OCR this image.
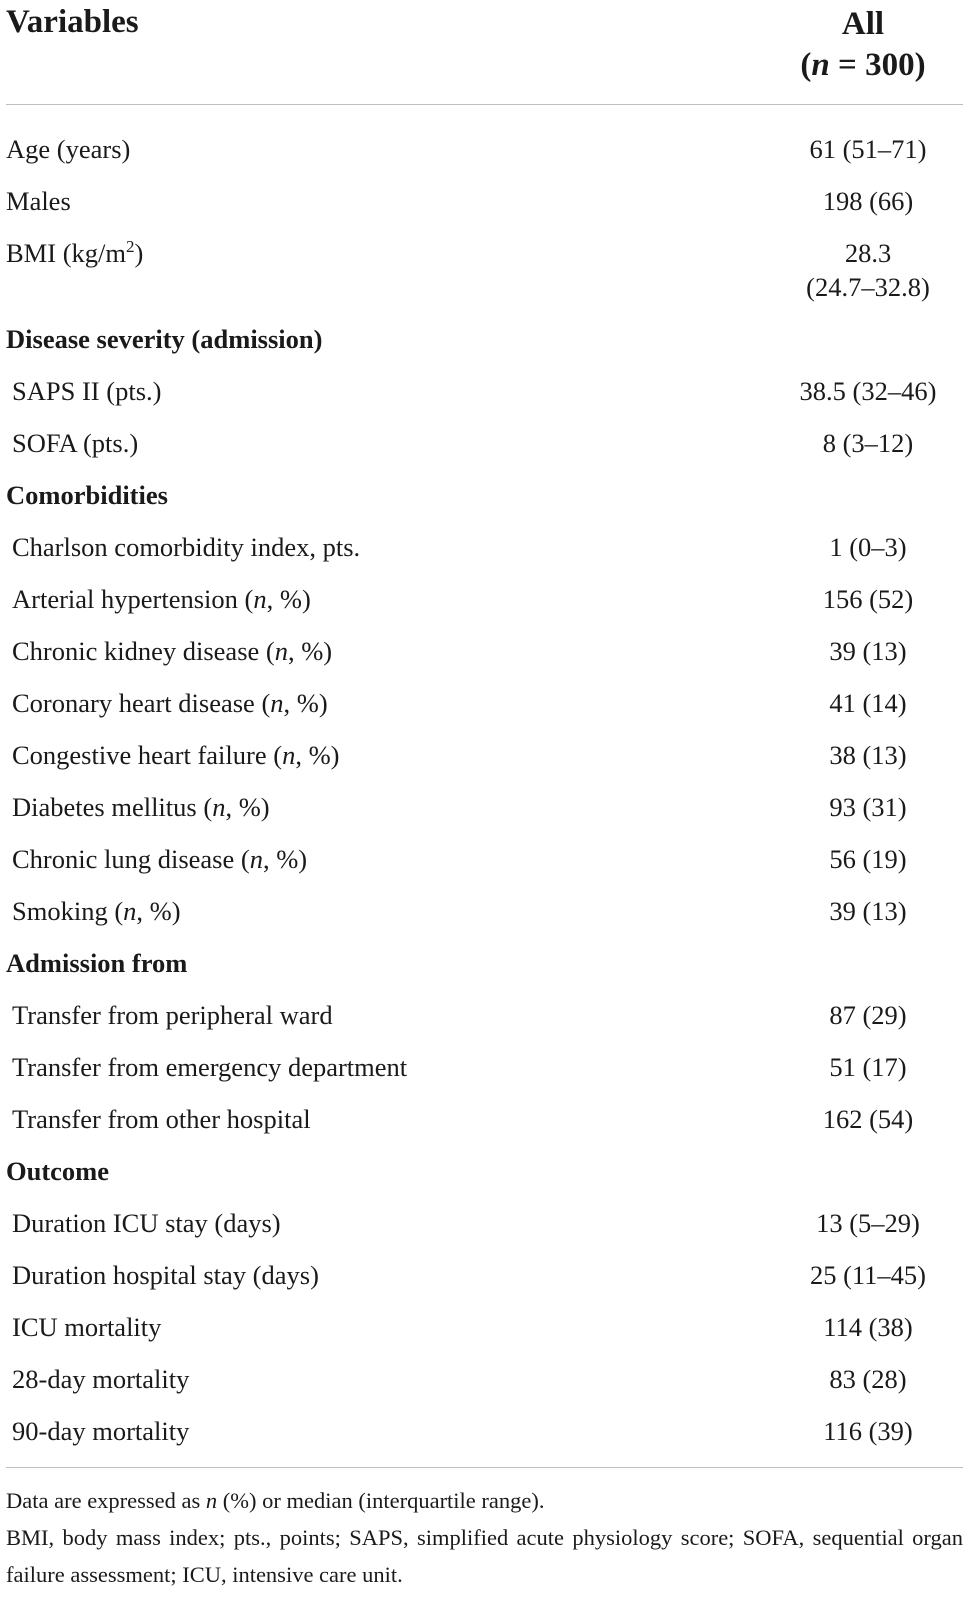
Variables	All
(n = 300)
Age (years)	61 (51–71)
Males	198 (66)
BMI $(kg/m^2)$	28.3
(24.7–32.8)
Disease severity (admission)
SAPS II (pts.)	38.5 (32–46)
SOFA (pts.)	8 (3–12)
Comorbidities
Charlson comorbidity index, pts.	1 (0–3)
Arterial hypertension (n, %)	156 (52)
Chronic kidney disease (n, %)	39 (13)
Coronary heart disease (n, %)	41 (14)
Congestive heart failure (n, %)	38 (13)
Diabetes mellitus (n, %)	93 (31)
Chronic lung disease (n, %)	56 (19)
Smoking (n, %)	39 (13)
Admission from
Transfer from peripheral ward	87 (29)
Transfer from emergency department	51 (17)
Transfer from other hospital	162 (54)
Outcome
Duration ICU stay (days)	13 (5–29)
Duration hospital stay (days)	25 (11–45)
ICU mortality	114 (38)
28-day mortality	83 (28)
90-day mortality	116 (39)

Data are expressed as n (%) or median (interquartile range).

BMI, body mass index; pts., points; SAPS, simplified acute physiology score; SOFA, sequential organ failure assessment; ICU, intensive care unit.
